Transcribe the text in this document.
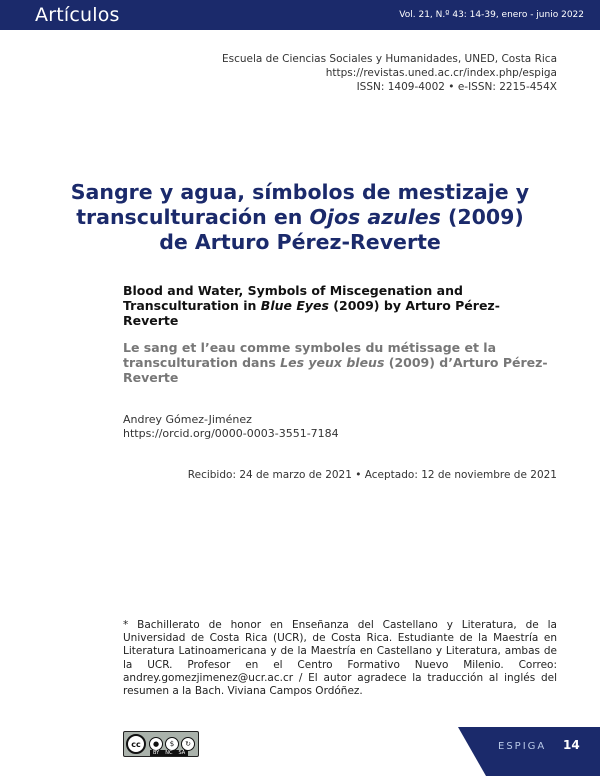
Artículos	Vol. 21, N.º 43: 14-39, enero - junio 2022
Escuela de Ciencias Sociales y Humanidades, UNED, Costa Rica
https://revistas.uned.ac.cr/index.php/espiga
ISSN: 1409-4002 • e-ISSN: 2215-454X
Sangre y agua, símbolos de mestizaje y transculturación en Ojos azules (2009) de Arturo Pérez-Reverte
Blood and Water, Symbols of Miscegenation and Transculturation in Blue Eyes (2009) by Arturo Pérez-Reverte
Le sang et l’eau comme symboles du métissage et la transculturation dans Les yeux bleus (2009) d’Arturo Pérez- Reverte
Andrey Gómez-Jiménez
https://orcid.org/0000-0003-3551-7184
Recibido: 24 de marzo de 2021 • Aceptado: 12 de noviembre de 2021
* Bachillerato de honor en Enseñanza del Castellano y Literatura, de la Universidad de Costa Rica (UCR), de Costa Rica. Estudiante de la Maestría en Literatura Latinoamericana y de la Maestría en Castellano y Literatura, ambas de la UCR. Profesor en el Centro Formativo Nuevo Milenio. Correo: andrey.gomezjimenez@ucr.ac.cr / El autor agradece la traducción al inglés del resumen a la Bach. Viviana Campos Ordóñez.
cc	●	$	↻
BY NC SA
ESPIGA 14
